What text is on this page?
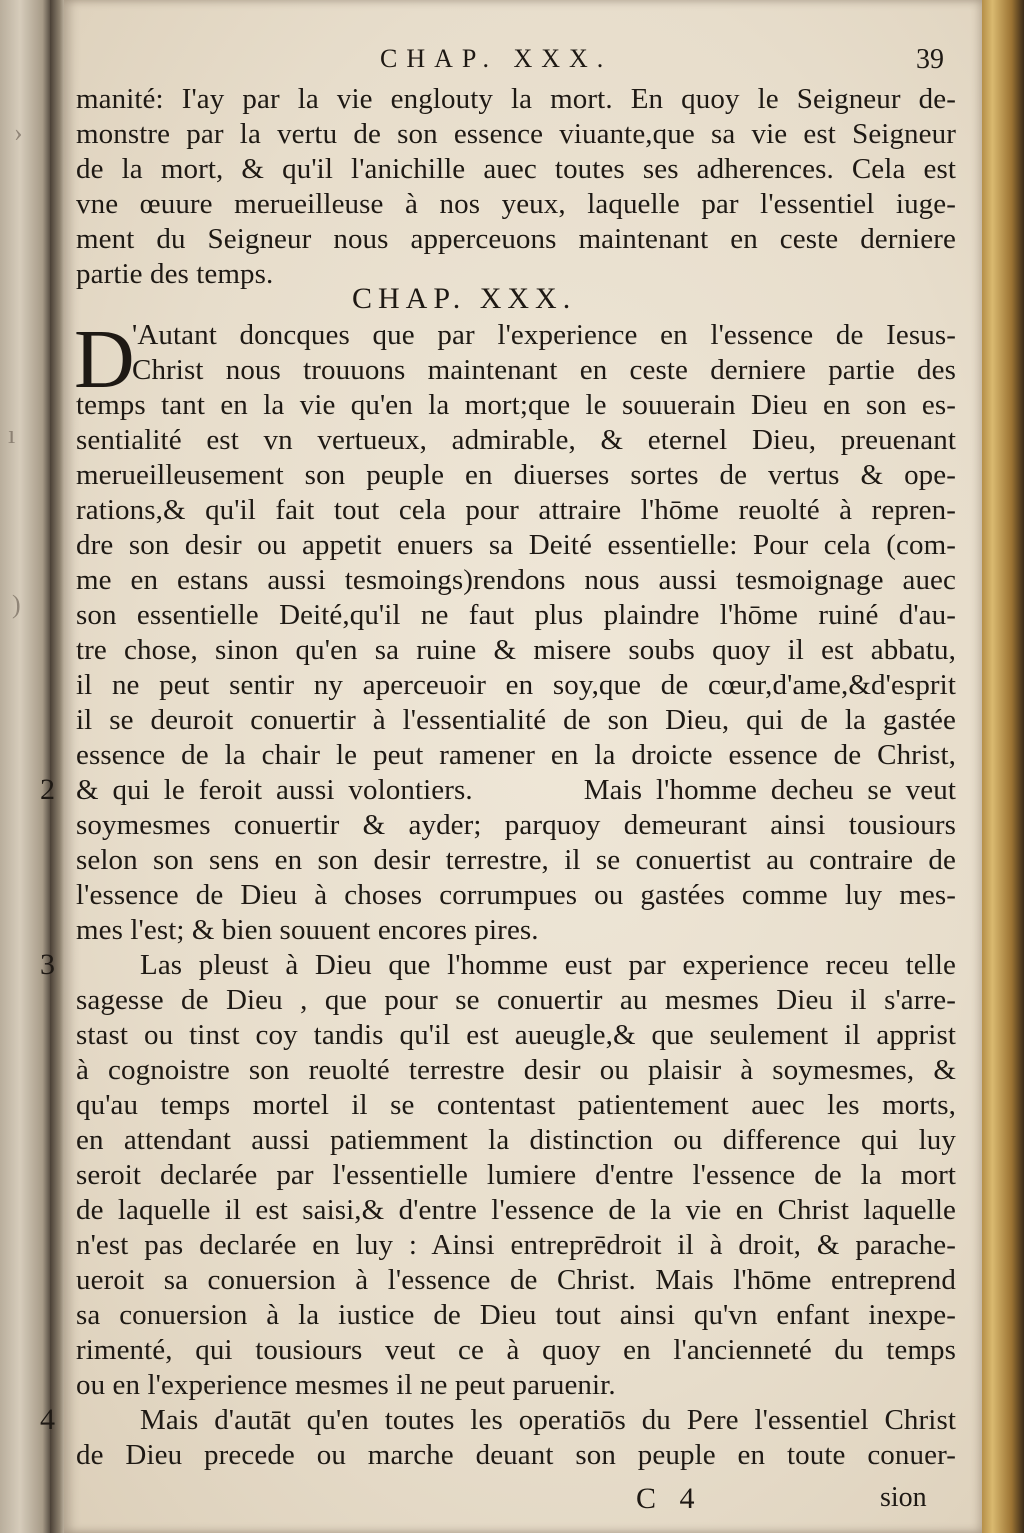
›
ı
)
CHAP. XXX.	39
manité: I'ay par la vie englouty la mort. En quoy le Seigneur de-
monstre par la vertu de son essence viuante,que sa vie est Seigneur
de la mort, & qu'il l'anichille auec toutes ses adherences. Cela est
vne œuure merueilleuse à nos yeux, laquelle par l'essentiel iuge-
ment du Seigneur nous apperceuons maintenant en ceste derniere
partie des temps.
CHAP. XXX.
D
'Autant doncques que par l'experience en l'essence de Iesus-
Christ nous trouuons maintenant en ceste derniere partie des
temps tant en la vie qu'en la mort;que le souuerain Dieu en son es-
sentialité est vn vertueux, admirable, & eternel Dieu, preuenant
merueilleusement son peuple en diuerses sortes de vertus & ope-
rations,& qu'il fait tout cela pour attraire l'hōme reuolté à repren-
dre son desir ou appetit enuers sa Deité essentielle: Pour cela (com-
me en estans aussi tesmoings)rendons nous aussi tesmoignage auec
son essentielle Deité,qu'il ne faut plus plaindre l'hōme ruiné d'au-
tre chose, sinon qu'en sa ruine & misere soubs quoy il est abbatu,
il ne peut sentir ny aperceuoir en soy,que de cœur,d'ame,&d'esprit
il se deuroit conuertir à l'essentialité de son Dieu, qui de la gastée
essence de la chair le peut ramener en la droicte essence de Christ,
2 & qui le feroit aussi volontiers.        Mais l'homme decheu se veut
soymesmes conuertir & ayder; parquoy demeurant ainsi tousiours
selon son sens en son desir terrestre, il se conuertist au contraire de
l'essence de Dieu à choses corrumpues ou gastées comme luy mes-
mes l'est; & bien souuent encores pires.
3	Las pleust à Dieu que l'homme eust par experience receu telle
sagesse de Dieu , que pour se conuertir au mesmes Dieu il s'arre-
stast ou tinst coy tandis qu'il est aueugle,& que seulement il apprist
à cognoistre son reuolté terrestre desir ou plaisir à soymesmes, &
qu'au temps mortel il se contentast patientement auec les morts,
en attendant aussi patiemment la distinction ou difference qui luy
seroit declarée par l'essentielle lumiere d'entre l'essence de la mort
de laquelle il est saisi,& d'entre l'essence de la vie en Christ laquelle
n'est pas declarée en luy : Ainsi entreprēdroit il à droit, & parache-
ueroit sa conuersion à l'essence de Christ. Mais l'hōme entreprend
sa conuersion à la iustice de Dieu tout ainsi qu'vn enfant inexpe-
rimenté, qui tousiours veut ce à quoy en l'ancienneté du temps
ou en l'experience mesmes il ne peut paruenir.
4	Mais d'autāt qu'en toutes les operatiōs du Pere l'essentiel Christ
de Dieu precede ou marche deuant son peuple en toute conuer-
C 4	sion
